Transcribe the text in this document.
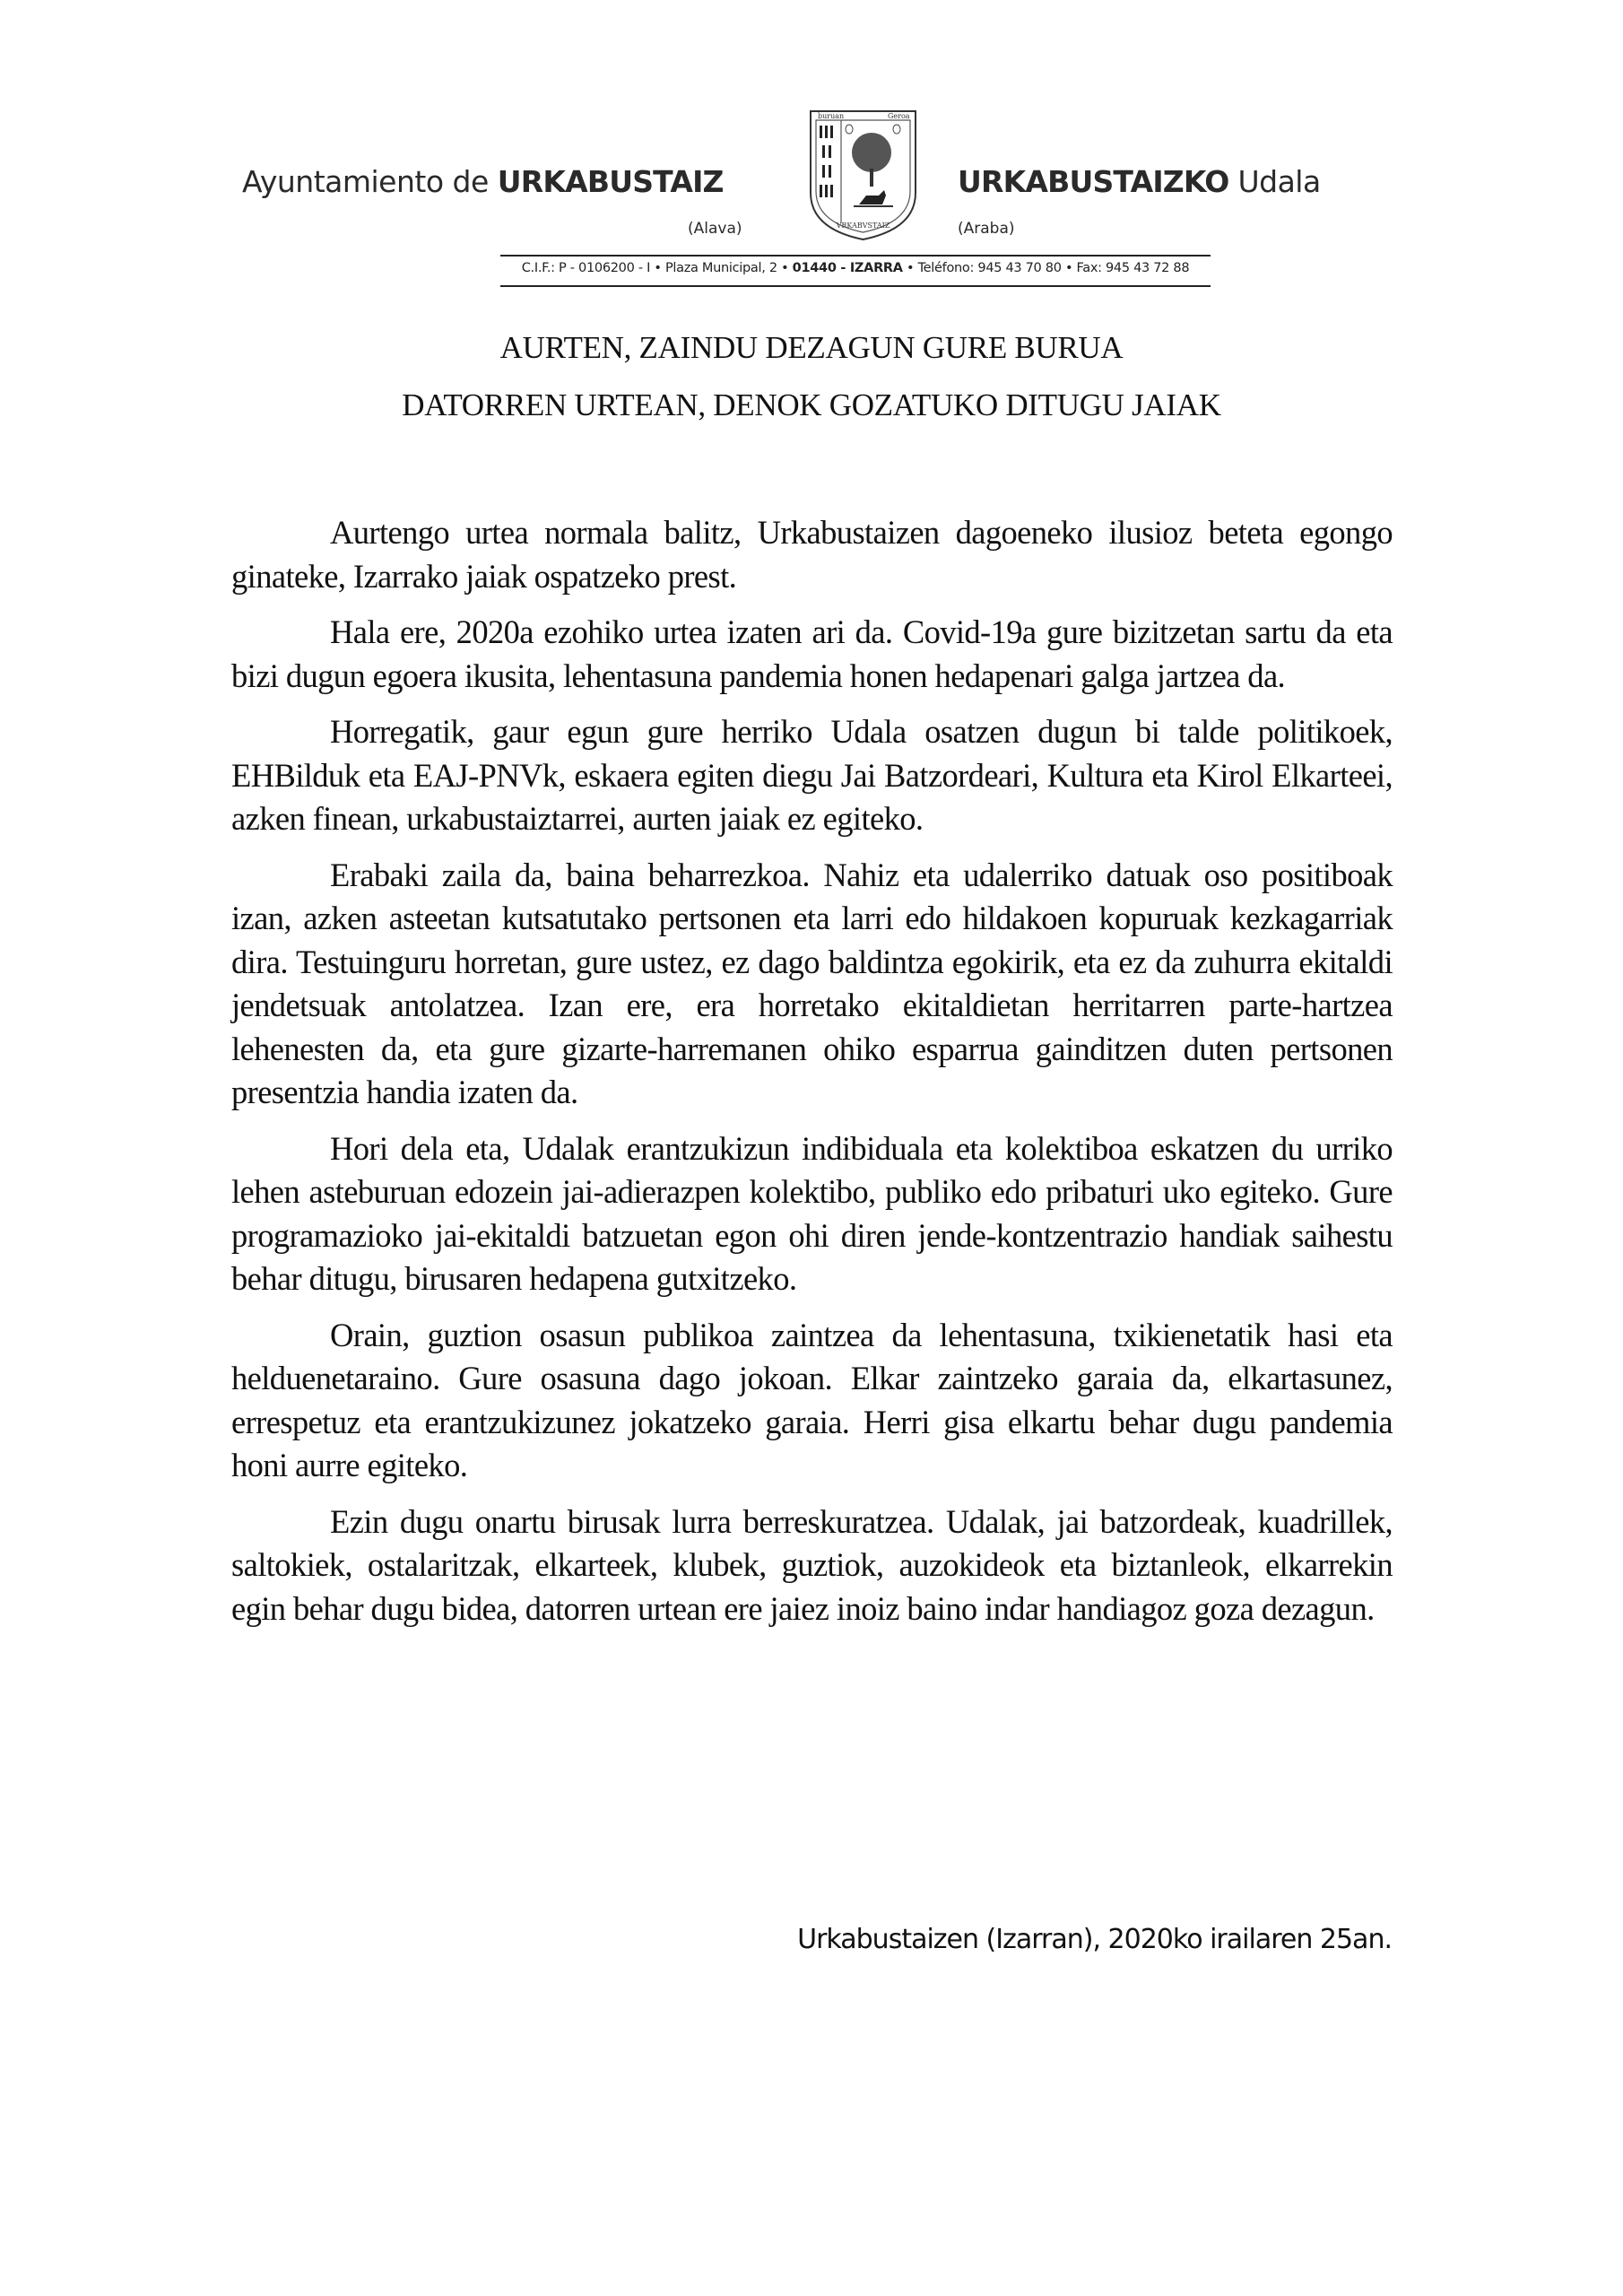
Ayuntamiento de URKABUSTAIZ
(Alava)
buruan	Geroa
VRKABVSTAIZ
URKABUSTAIZKO Udala
(Araba)
C.I.F.: P - 0106200 - I • Plaza Municipal, 2 • 01440 - IZARRA • Teléfono: 945 43 70 80 • Fax: 945 43 72 88
AURTEN, ZAINDU DEZAGUN GURE BURUA
DATORREN URTEAN, DENOK GOZATUKO DITUGU JAIAK

Aurtengo urtea normala balitz, Urkabustaizen dagoeneko ilusioz beteta egongo ginateke, Izarrako jaiak ospatzeko prest.

Hala ere, 2020a ezohiko urtea izaten ari da. Covid-19a gure bizitzetan sartu da eta bizi dugun egoera ikusita, lehentasuna pandemia honen hedapenari galga jartzea da.

Horregatik, gaur egun gure herriko Udala osatzen dugun bi talde politikoek, EHBilduk eta EAJ-PNVk, eskaera egiten diegu Jai Batzordeari, Kultura eta Kirol Elkarteei, azken finean, urkabustaiztarrei, aurten jaiak ez egiteko.

Erabaki zaila da, baina beharrezkoa. Nahiz eta udalerriko datuak oso positiboak izan, azken asteetan kutsatutako pertsonen eta larri edo hildakoen kopuruak kezkagarriak dira. Testuinguru horretan, gure ustez, ez dago baldintza egokirik, eta ez da zuhurra ekitaldi jendetsuak antolatzea. Izan ere, era horretako ekitaldietan herritarren parte-hartzea lehenesten da, eta gure gizarte-harremanen ohiko esparrua gainditzen duten pertsonen presentzia handia izaten da.

Hori dela eta, Udalak erantzukizun indibiduala eta kolektiboa eskatzen du urriko lehen asteburuan edozein jai-adierazpen kolektibo, publiko edo pribaturi uko egiteko. Gure programazioko jai-ekitaldi batzuetan egon ohi diren jende-kontzentrazio handiak saihestu behar ditugu, birusaren hedapena gutxitzeko.

Orain, guztion osasun publikoa zaintzea da lehentasuna, txikienetatik hasi eta helduenetaraino. Gure osasuna dago jokoan. Elkar zaintzeko garaia da, elkartasunez, errespetuz eta erantzukizunez jokatzeko garaia. Herri gisa elkartu behar dugu pandemia honi aurre egiteko.

Ezin dugu onartu birusak lurra berreskuratzea. Udalak, jai batzordeak, kuadrillek, saltokiek, ostalaritzak, elkarteek, klubek, guztiok, auzokideok eta biztanleok, elkarrekin egin behar dugu bidea, datorren urtean ere jaiez inoiz baino indar handiagoz goza dezagun.

Urkabustaizen (Izarran), 2020ko irailaren 25an.
